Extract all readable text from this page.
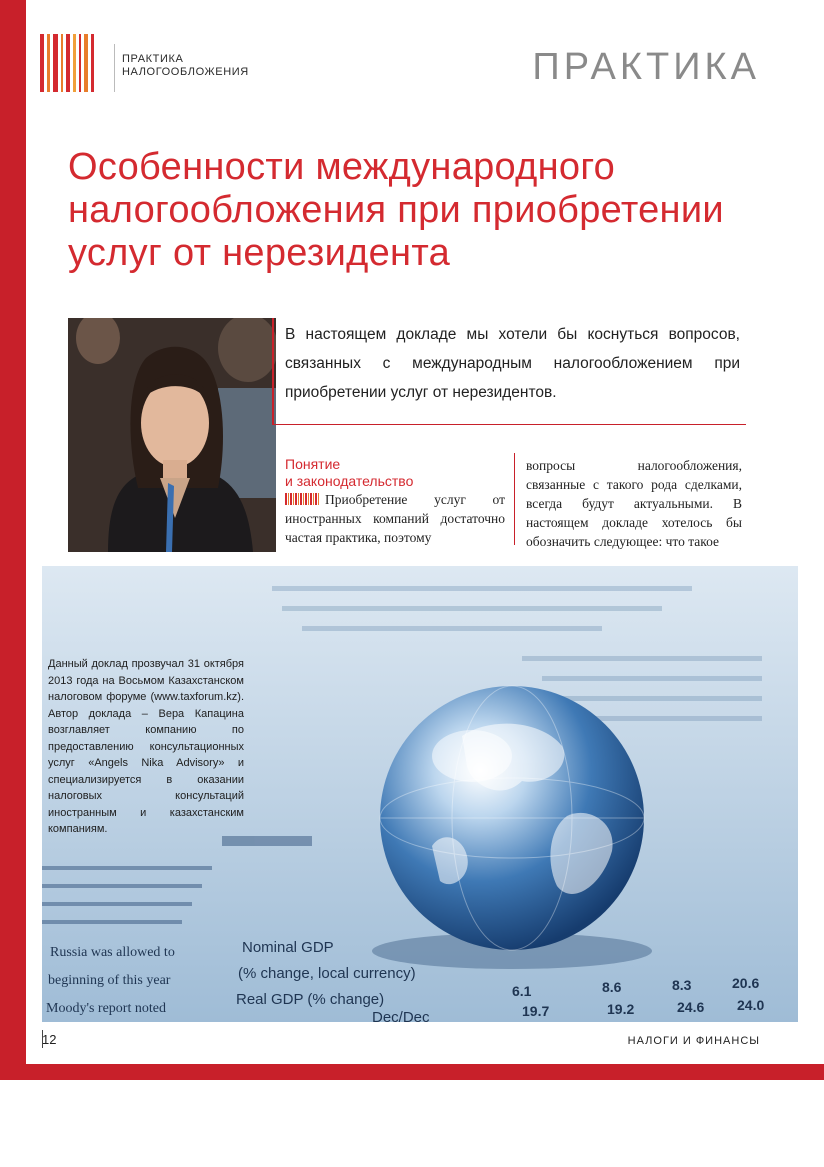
ПРАКТИКА
НАЛОГООБЛОЖЕНИЯ	ПРАКТИКА
Особенности международного налогообложения при приобретении услуг от нерезидента

В настоящем докладе мы хотели бы коснуться вопросов, связанных с международным налогообложением при приобретении услуг от нерезидентов.

Понятие
и законодательство

Приобретение услуг от иностранных компаний достаточно частая практика, поэтому

вопросы налогообложения, связанные с такого рода сделками, всегда будут актуальными. В настоящем докладе хотелось бы обозначить следующее: что такое

Russia was allowed to
beginning of this year
Moody's report noted
Nominal GDP
(% change, local currency)
Real GDP (% change)
Dec/Dec
6.1	8.6	8.3	20.6
19.7	19.2	24.6 24.0

Данный доклад прозвучал 31 октября 2013 года на Восьмом Казахстанском налоговом форуме (www.taxforum.kz). Автор доклада – Вера Капацина возглавляет компанию по предоставлению консультационных услуг «Angels Nika Advisory» и специализируется в оказании налоговых консультаций иностранным и казахстанским компаниям.

12	НАЛОГИ И ФИНАНСЫ
